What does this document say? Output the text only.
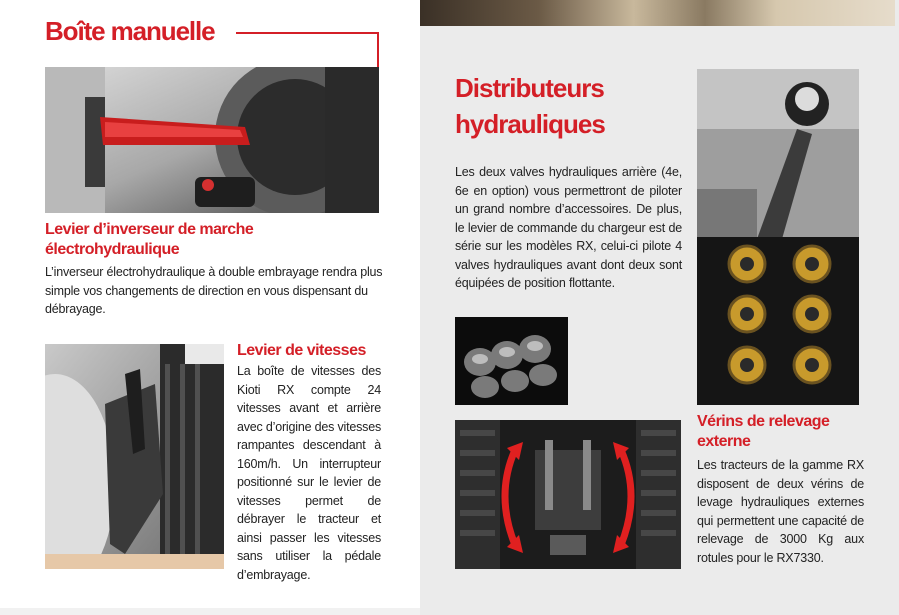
Boîte manuelle
Levier d’inverseur de marche
électrohydraulique

L’inverseur électrohydraulique à double embrayage rendra plus simple vos changements de direction en vous dispensant du débrayage.

Levier de vitesses

La boîte de vitesses des Kioti RX compte 24 vitesses avant et arrière avec d’origine des vitesses rampantes descendant à 160m/h. Un interrupteur positionné sur le levier de vitesses permet de débrayer le tracteur et ainsi passer les vitesses sans utiliser la pédale d’embrayage.

Distributeurs
hydrauliques

Les deux valves hydrauliques arrière (4e, 6e en option) vous permettront de piloter un grand nombre d’accessoires. De plus, le levier de commande du chargeur est de série sur les modèles RX, celui-ci pilote 4 valves hydrauliques avant dont deux sont équipées de position flottante.

Vérins de relevage
externe

Les tracteurs de la gamme RX disposent de deux vérins de levage hydrauliques externes qui permettent une capacité de relevage de 3000 Kg aux rotules pour le RX7330.
